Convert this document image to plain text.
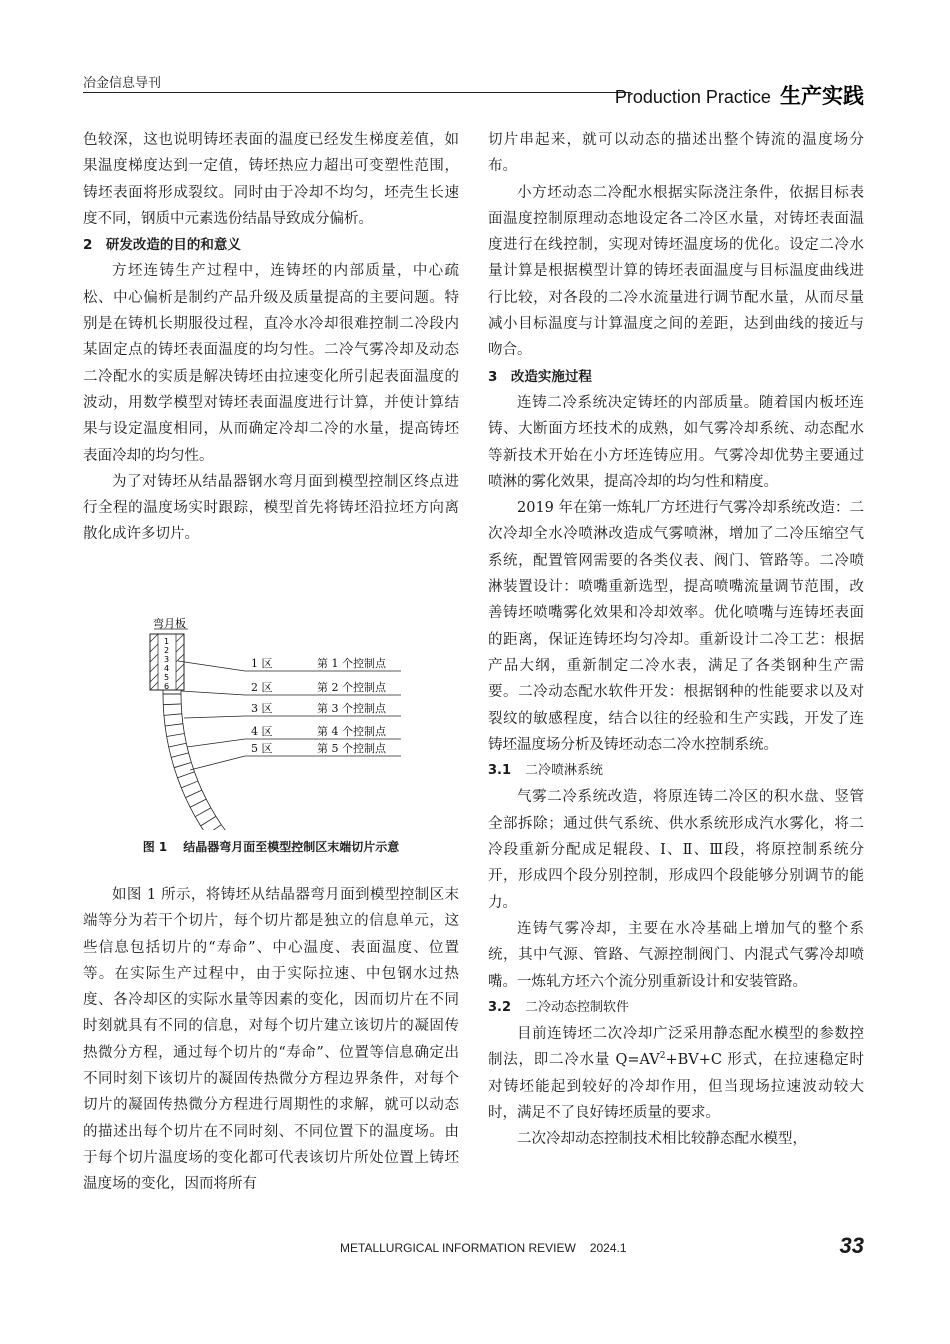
冶金信息导刊
Production Practice 生产实践

色较深，这也说明铸坯表面的温度已经发生梯度差值，如果温度梯度达到一定值，铸坯热应力超出可变塑性范围，铸坯表面将形成裂纹。同时由于冷却不均匀，坯壳生长速度不同，钢质中元素选份结晶导致成分偏析。

2　研发改造的目的和意义

方坯连铸生产过程中，连铸坯的内部质量，中心疏松、中心偏析是制约产品升级及质量提高的主要问题。特别是在铸机长期服役过程，直冷水冷却很难控制二冷段内某固定点的铸坯表面温度的均匀性。二冷气雾冷却及动态二冷配水的实质是解决铸坯由拉速变化所引起表面温度的波动，用数学模型对铸坯表面温度进行计算，并使计算结果与设定温度相同，从而确定冷却二冷的水量，提高铸坯表面冷却的均匀性。

为了对铸坯从结晶器钢水弯月面到模型控制区终点进行全程的温度场实时跟踪，模型首先将铸坯沿拉坯方向离散化成许多切片。

弯月板
1
2
3
4
5
6
1 区	第 1 个控制点
2 区	第 2 个控制点
3 区	第 3 个控制点
4 区	第 4 个控制点
5 区	第 5 个控制点
图 1 结晶器弯月面至模型控制区末端切片示意

如图 1 所示，将铸坯从结晶器弯月面到模型控制区末端等分为若干个切片，每个切片都是独立的信息单元，这些信息包括切片的“寿命”、中心温度、表面温度、位置等。在实际生产过程中，由于实际拉速、中包钢水过热度、各冷却区的实际水量等因素的变化，因而切片在不同时刻就具有不同的信息，对每个切片建立该切片的凝固传热微分方程，通过每个切片的“寿命”、位置等信息确定出不同时刻下该切片的凝固传热微分方程边界条件，对每个切片的凝固传热微分方程进行周期性的求解，就可以动态的描述出每个切片在不同时刻、不同位置下的温度场。由于每个切片温度场的变化都可代表该切片所处位置上铸坯温度场的变化，因而将所有

切片串起来，就可以动态的描述出整个铸流的温度场分布。

小方坯动态二冷配水根据实际浇注条件，依据目标表面温度控制原理动态地设定各二冷区水量，对铸坯表面温度进行在线控制，实现对铸坯温度场的优化。设定二冷水量计算是根据模型计算的铸坯表面温度与目标温度曲线进行比较，对各段的二冷水流量进行调节配水量，从而尽量减小目标温度与计算温度之间的差距，达到曲线的接近与吻合。

3　改造实施过程

连铸二冷系统决定铸坯的内部质量。随着国内板坯连铸、大断面方坯技术的成熟，如气雾冷却系统、动态配水等新技术开始在小方坯连铸应用。气雾冷却优势主要通过喷淋的雾化效果，提高冷却的均匀性和精度。

2019 年在第一炼轧厂方坯进行气雾冷却系统改造：二次冷却全水冷喷淋改造成气雾喷淋，增加了二冷压缩空气系统，配置管网需要的各类仪表、阀门、管路等。二冷喷淋装置设计：喷嘴重新选型，提高喷嘴流量调节范围，改善铸坯喷嘴雾化效果和冷却效率。优化喷嘴与连铸坯表面的距离，保证连铸坯均匀冷却。重新设计二冷工艺：根据产品大纲，重新制定二冷水表，满足了各类钢种生产需要。二冷动态配水软件开发：根据钢种的性能要求以及对裂纹的敏感程度，结合以往的经验和生产实践，开发了连铸坯温度场分析及铸坯动态二冷水控制系统。

3.1 二冷喷淋系统

气雾二冷系统改造，将原连铸二冷区的积水盘、竖管全部拆除；通过供气系统、供水系统形成汽水雾化，将二冷段重新分配成足辊段、Ⅰ、Ⅱ、Ⅲ段，将原控制系统分开，形成四个段分别控制，形成四个段能够分别调节的能力。

连铸气雾冷却，主要在水冷基础上增加气的整个系统，其中气源、管路、气源控制阀门、内混式气雾冷却喷嘴。一炼轧方坯六个流分别重新设计和安装管路。

3.2 二冷动态控制软件

目前连铸坯二次冷却广泛采用静态配水模型的参数控制法，即二冷水量 $Q=AV^2+BV+C$ 形式，在拉速稳定时对铸坯能起到较好的冷却作用，但当现场拉速波动较大时，满足不了良好铸坯质量的要求。

二次冷却动态控制技术相比较静态配水模型，

METALLURGICAL INFORMATION REVIEW 2024.1	33
